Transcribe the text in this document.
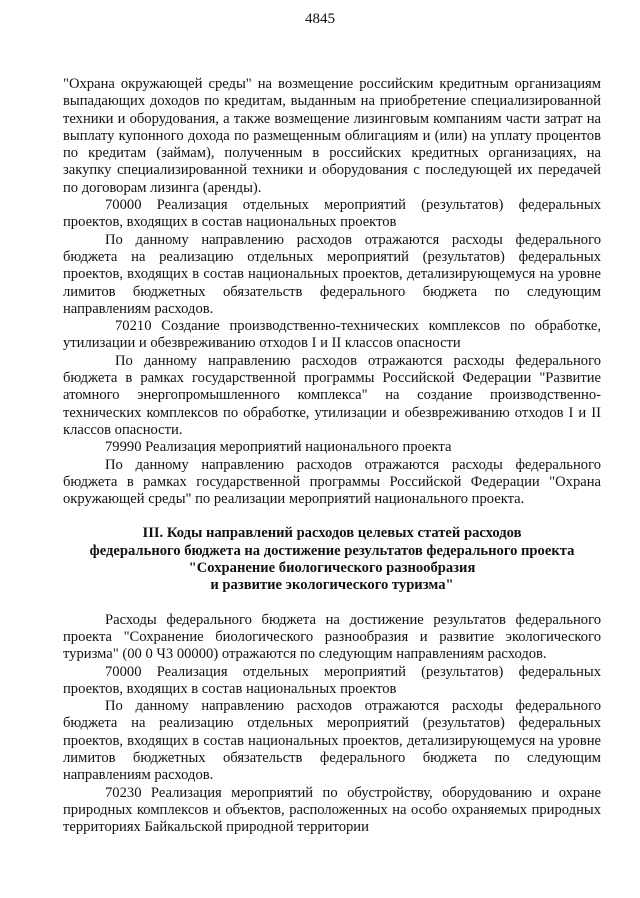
4845

"Охрана окружающей среды" на возмещение российским кредитным организациям выпадающих доходов по кредитам, выданным на приобретение специализированной техники и оборудования, а также возмещение лизинговым компаниям части затрат на выплату купонного дохода по размещенным облигациям и (или) на уплату процентов по кредитам (займам), полученным в российских кредитных организациях, на закупку специализированной техники и оборудования с последующей их передачей по договорам лизинга (аренды).

70000 Реализация отдельных мероприятий (результатов) федеральных проектов, входящих в состав национальных проектов

По данному направлению расходов отражаются расходы федерального бюджета на реализацию отдельных мероприятий (результатов) федеральных проектов, входящих в состав национальных проектов, детализирующемуся на уровне лимитов бюджетных обязательств федерального бюджета по следующим направлениям расходов.

70210 Создание производственно-технических комплексов по обработке, утилизации и обезвреживанию отходов I и II классов опасности

По данному направлению расходов отражаются расходы федерального бюджета в рамках государственной программы Российской Федерации "Развитие атомного энергопромышленного комплекса" на создание производственно-технических комплексов по обработке, утилизации и обезвреживанию отходов I и II классов опасности.

79990 Реализация мероприятий национального проекта

По данному направлению расходов отражаются расходы федерального бюджета в рамках государственной программы Российской Федерации "Охрана окружающей среды" по реализации мероприятий национального проекта.

III. Коды направлений расходов целевых статей расходов
федерального бюджета на достижение результатов федерального проекта
"Сохранение биологического разнообразия
и развитие экологического туризма"

Расходы федерального бюджета на достижение результатов федерального проекта "Сохранение биологического разнообразия и развитие экологического туризма" (00 0 Ч3 00000) отражаются по следующим направлениям расходов.

70000 Реализация отдельных мероприятий (результатов) федеральных проектов, входящих в состав национальных проектов

По данному направлению расходов отражаются расходы федерального бюджета на реализацию отдельных мероприятий (результатов) федеральных проектов, входящих в состав национальных проектов, детализирующемуся на уровне лимитов бюджетных обязательств федерального бюджета по следующим направлениям расходов.

70230 Реализация мероприятий по обустройству, оборудованию и охране природных комплексов и объектов, расположенных на особо охраняемых природных территориях Байкальской природной территории
